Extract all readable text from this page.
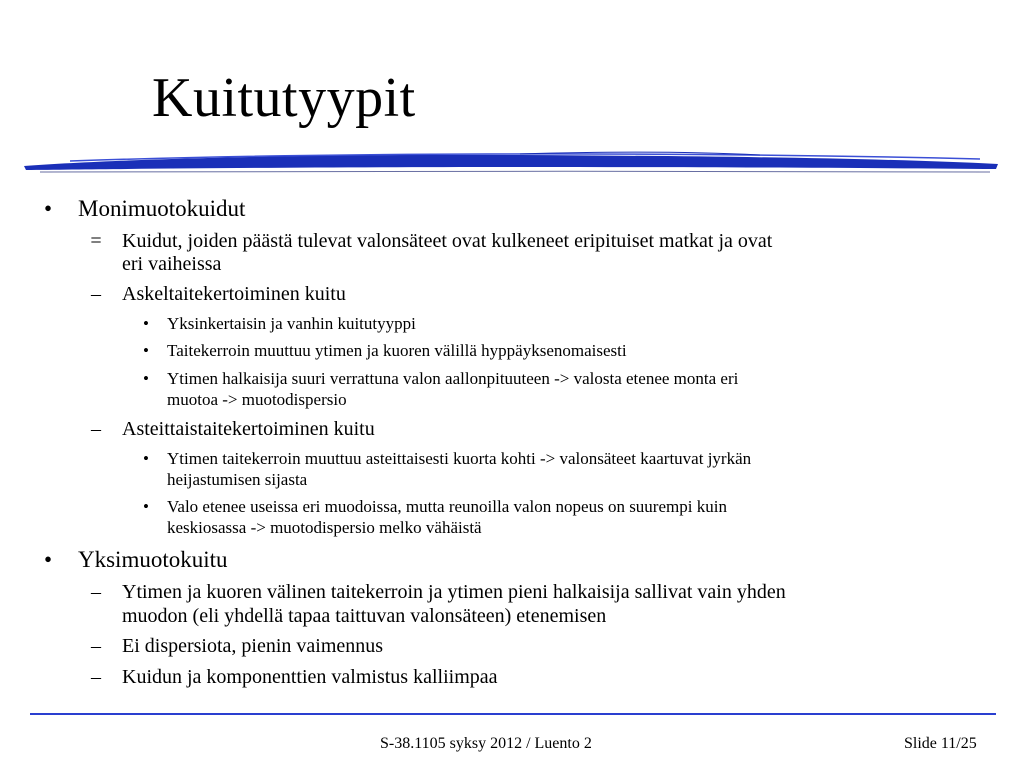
Kuitutyypit
• Monimuotokuidut
= Kuidut, joiden päästä tulevat valonsäteet ovat kulkeneet eripituiset matkat ja ovat
eri vaiheissa
– Askeltaitekertoiminen kuitu
• Yksinkertaisin ja vanhin kuitutyyppi
• Taitekerroin muuttuu ytimen ja kuoren välillä hyppäyksenomaisesti
• Ytimen halkaisija suuri verrattuna valon aallonpituuteen -> valosta etenee monta eri
muotoa -> muotodispersio
– Asteittaistaitekertoiminen kuitu
• Ytimen taitekerroin muuttuu asteittaisesti kuorta kohti -> valonsäteet kaartuvat jyrkän
heijastumisen sijasta
• Valo etenee useissa eri muodoissa, mutta reunoilla valon nopeus on suurempi kuin
keskiosassa -> muotodispersio melko vähäistä
• Yksimuotokuitu
– Ytimen ja kuoren välinen taitekerroin ja ytimen pieni halkaisija sallivat vain yhden
muodon (eli yhdellä tapaa taittuvan valonsäteen) etenemisen
– Ei dispersiota, pienin vaimennus
– Kuidun ja komponenttien valmistus kalliimpaa
S-38.1105 syksy 2012 / Luento 2	Slide 11/25
